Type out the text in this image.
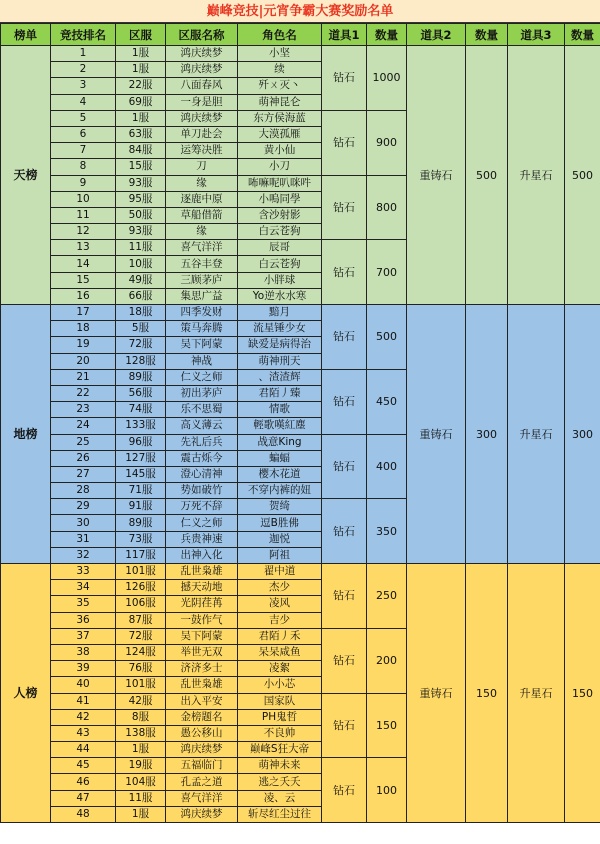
巅峰竞技|元宵争霸大赛奖励名单
榜单	竞技排名	区服	区服名称	角色名	道具1	数量	道具2	数量	道具3	数量
天榜	1	1服	鸿庆续梦	小坚	钻石	1000	重铸石	500	升星石	500
	2	1服	鸿庆续梦	续						
	3	22服	八面春风	歼ㄨ灭丶						
	4	69服	一身是胆	萌神昆仑						
	5	1服	鸿庆续梦	东方侯海蓝	钻石	900				
	6	63服	单刀赴会	大漠孤雁						
	7	84服	运筹决胜	黄小仙						
	8	15服	刀	小刀						
	9	93服	缘	咘嘛呢叭咪吽	钻石	800				
	10	95服	逐鹿中原	小嗚同學						
	11	50服	草船借箭	含沙射影						
	12	93服	缘	白云苍狗						
	13	11服	喜气洋洋	辰哥	钻石	700				
	14	10服	五谷丰登	白云苍狗						
	15	49服	三顾茅庐	小胖球						
	16	66服	集思广益	Yo逆水水寒						
地榜	17	18服	四季发财	黯月	钻石	500	重铸石	300	升星石	300
	18	5服	策马奔腾	流星锤少女						
	19	72服	吴下阿蒙	缺爱是病得治						
	20	128服	神战	萌神刑天						
	21	89服	仁义之师	、渣渣辉	钻石	450				
	22	56服	初出茅庐	君陌丿臻						
	23	74服	乐不思蜀	情歌						
	24	133服	高义薄云	輕歌嘆紅塵						
	25	96服	先礼后兵	战意King	钻石	400				
	26	127服	震古烁今	蝙蝠						
	27	145服	澄心清神	樱木花道						
	28	71服	势如破竹	不穿内裤的妞						
	29	91服	万死不辞	贺绮	钻石	350				
	30	89服	仁义之师	逗B胜佛						
	31	73服	兵贵神速	迦悦						
	32	117服	出神入化	阿祖						
人榜	33	101服	乱世枭雄	翟中道	钻石	250	重铸石	150	升星石	150
	34	126服	撼天动地	杰少						
	35	106服	光阴荏苒	凌风						
	36	87服	一鼓作气	吉少						
	37	72服	吴下阿蒙	君陌丿禾	钻石	200				
	38	124服	举世无双	呆呆咸鱼						
	39	76服	济济多士	凌絮						
	40	101服	乱世枭雄	小小芯						
	41	42服	出入平安	国家队	钻石	150				
	42	8服	金榜题名	PH鬼哲						
	43	138服	愚公移山	不良帅						
	44	1服	鸿庆续梦	巅峰S狂大帝						
	45	19服	五福临门	萌神未来	钻石	100				
	46	104服	孔孟之道	逃之夭夭						
	47	11服	喜气洋洋	凌、云						
	48	1服	鸿庆续梦	斩尽红尘过往						
